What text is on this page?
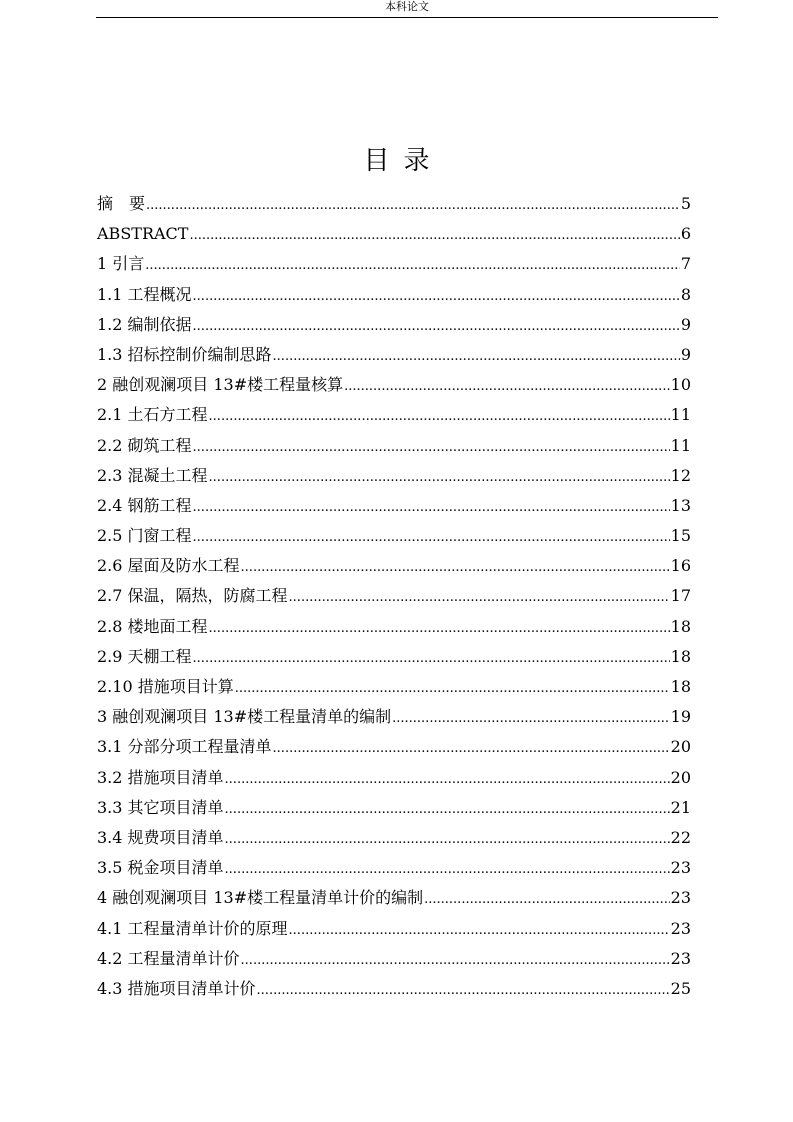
本科论文
目录
摘　要 .....	5
ABSTRACT .....	6
1 引言 .....	7
1.1 工程概况 .....	8
1.2 编制依据 .....	9
1.3 招标控制价编制思路 .....	9
2 融创观澜项目 13#楼工程量核算 .....	10
2.1 土石方工程 .....	11
2.2 砌筑工程 .....	11
2.3 混凝土工程 .....	12
2.4 钢筋工程 .....	13
2.5 门窗工程 .....	15
2.6 屋面及防水工程 .....	16
2.7 保温，隔热，防腐工程 .....	17
2.8 楼地面工程 .....	18
2.9 天棚工程 .....	18
2.10 措施项目计算 .....	18
3 融创观澜项目 13#楼工程量清单的编制 .....	19
3.1 分部分项工程量清单 .....	20
3.2 措施项目清单 .....	20
3.3 其它项目清单 .....	21
3.4 规费项目清单 .....	22
3.5 税金项目清单 .....	23
4 融创观澜项目 13#楼工程量清单计价的编制 .....	23
4.1 工程量清单计价的原理 .....	23
4.2 工程量清单计价 .....	23
4.3 措施项目清单计价 .....	25
